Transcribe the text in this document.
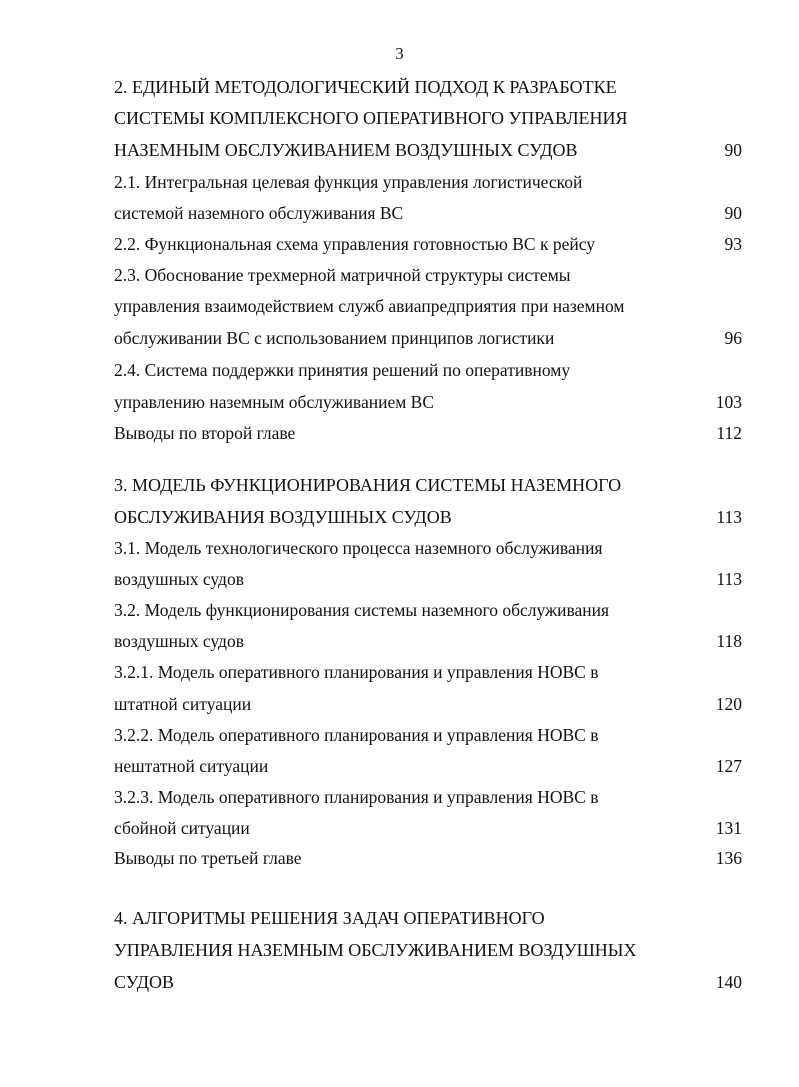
3
2. ЕДИНЫЙ МЕТОДОЛОГИЧЕСКИЙ ПОДХОД К РАЗРАБОТКЕ
СИСТЕМЫ КОМПЛЕКСНОГО ОПЕРАТИВНОГО УПРАВЛЕНИЯ
НАЗЕМНЫМ ОБСЛУЖИВАНИЕМ ВОЗДУШНЫХ СУДОВ	90
2.1. Интегральная целевая функция управления логистической
системой наземного обслуживания ВС	90
2.2. Функциональная схема управления готовностью ВС к рейсу	93
2.3. Обоснование трехмерной матричной структуры системы
управления взаимодействием служб авиапредприятия при наземном
обслуживании ВС с использованием принципов логистики	96
2.4. Система поддержки принятия решений по оперативному
управлению наземным обслуживанием ВС	103
Выводы по второй главе	112
3. МОДЕЛЬ ФУНКЦИОНИРОВАНИЯ СИСТЕМЫ НАЗЕМНОГО
ОБСЛУЖИВАНИЯ ВОЗДУШНЫХ СУДОВ	113
3.1. Модель технологического процесса наземного обслуживания
воздушных судов	113
3.2. Модель функционирования системы наземного обслуживания
воздушных судов	118
3.2.1. Модель оперативного планирования и управления НОВС в
штатной ситуации	120
3.2.2. Модель оперативного планирования и управления НОВС в
нештатной ситуации	127
3.2.3. Модель оперативного планирования и управления НОВС в
сбойной ситуации	131
Выводы по третьей главе	136
4. АЛГОРИТМЫ РЕШЕНИЯ ЗАДАЧ ОПЕРАТИВНОГО
УПРАВЛЕНИЯ НАЗЕМНЫМ ОБСЛУЖИВАНИЕМ ВОЗДУШНЫХ
СУДОВ	140
